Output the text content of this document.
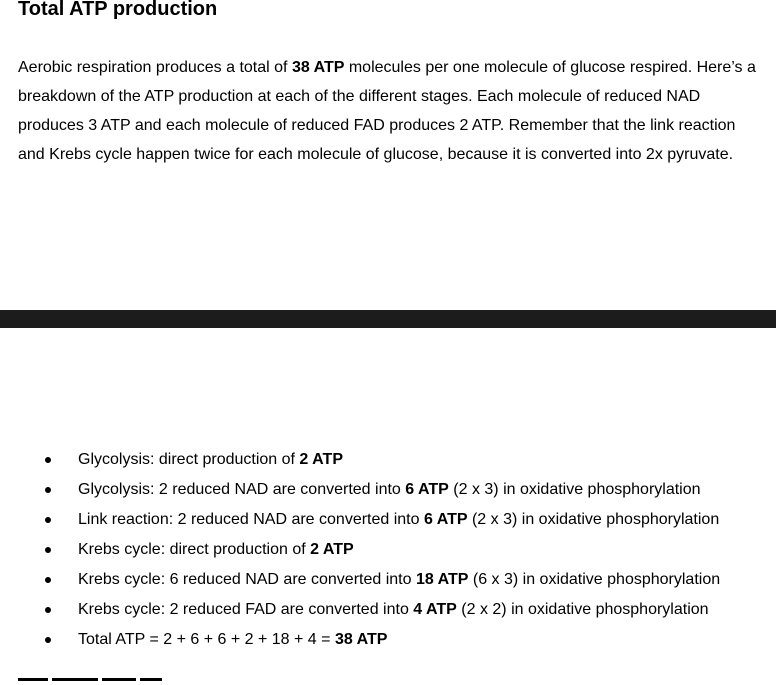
Total ATP production

Aerobic respiration produces a total of 38 ATP molecules per one molecule of glucose respired. Here’s a breakdown of the ATP production at each of the different stages. Each molecule of reduced NAD produces 3 ATP and each molecule of reduced FAD produces 2 ATP. Remember that the link reaction and Krebs cycle happen twice for each molecule of glucose, because it is converted into 2x pyruvate.

Glycolysis: direct production of 2 ATP
Glycolysis: 2 reduced NAD are converted into 6 ATP (2 x 3) in oxidative phosphorylation
Link reaction: 2 reduced NAD are converted into 6 ATP (2 x 3) in oxidative phosphorylation
Krebs cycle: direct production of 2 ATP
Krebs cycle: 6 reduced NAD are converted into 18 ATP (6 x 3) in oxidative phosphorylation
Krebs cycle: 2 reduced FAD are converted into 4 ATP (2 x 2) in oxidative phosphorylation
Total ATP = 2 + 6 + 6 + 2 + 18 + 4 = 38 ATP
